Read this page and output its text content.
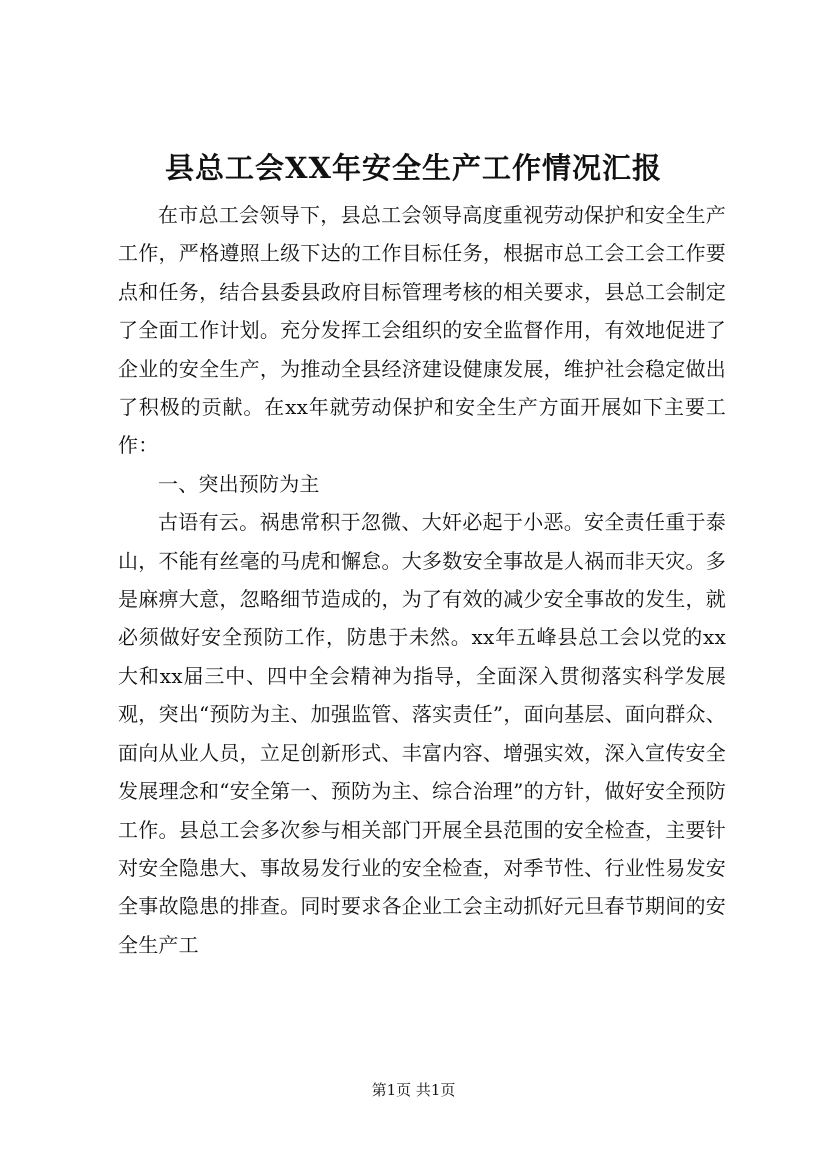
县总工会XX年安全生产工作情况汇报

在市总工会领导下，县总工会领导高度重视劳动保护和安全生产工作，严格遵照上级下达的工作目标任务，根据市总工会工会工作要点和任务，结合县委县政府目标管理考核的相关要求，县总工会制定了全面工作计划。充分发挥工会组织的安全监督作用，有效地促进了企业的安全生产，为推动全县经济建设健康发展，维护社会稳定做出了积极的贡献。在xx年就劳动保护和安全生产方面开展如下主要工作：

一、突出预防为主

古语有云。祸患常积于忽微、大奸必起于小恶。安全责任重于泰山，不能有丝毫的马虎和懈怠。大多数安全事故是人祸而非天灾。多是麻痹大意，忽略细节造成的，为了有效的减少安全事故的发生，就必须做好安全预防工作，防患于未然。xx年五峰县总工会以党的xx大和xx届三中、四中全会精神为指导，全面深入贯彻落实科学发展观，突出“预防为主、加强监管、落实责任”，面向基层、面向群众、面向从业人员，立足创新形式、丰富内容、增强实效，深入宣传安全发展理念和“安全第一、预防为主、综合治理”的方针，做好安全预防工作。县总工会多次参与相关部门开展全县范围的安全检查，主要针对安全隐患大、事故易发行业的安全检查，对季节性、行业性易发安全事故隐患的排查。同时要求各企业工会主动抓好元旦春节期间的安全生产工

第1页 共1页
